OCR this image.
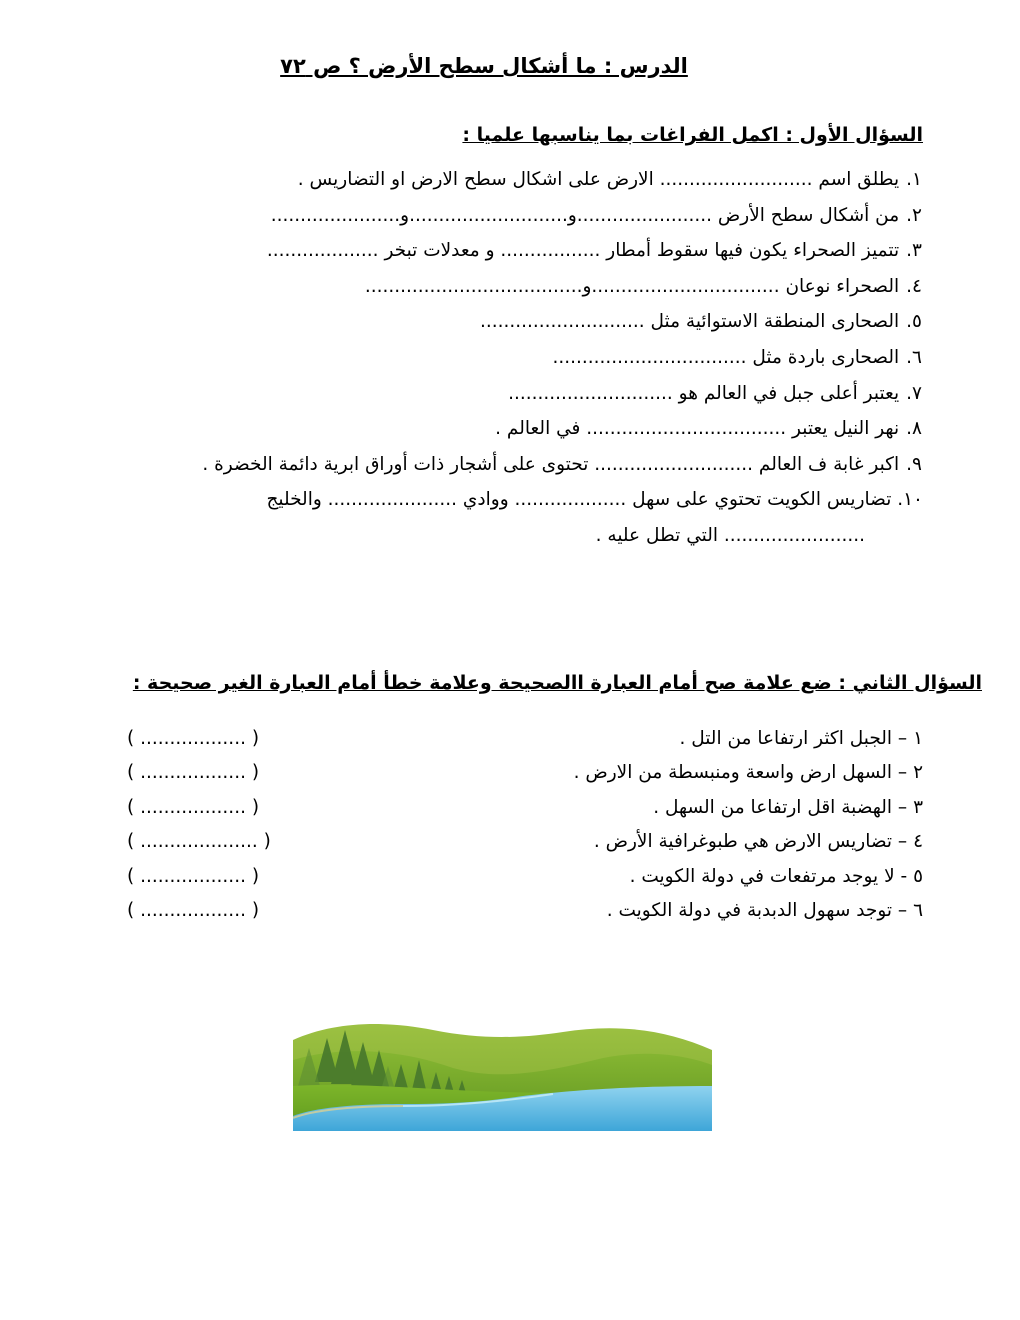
الدرس : ما أشكال سطح الأرض ؟ ص ٧٢
السؤال الأول : اكمل الفراغات بما يناسبها علميا :
١. يطلق اسم .......................... الارض على اشكال سطح الارض او التضاريس .
٢. من أشكال سطح الأرض .......................و...........................و......................
٣. تتميز الصحراء يكون فيها سقوط أمطار ................. و معدلات تبخر ...................
٤. الصحراء نوعان ................................و.....................................
٥. الصحارى المنطقة الاستوائية مثل ............................
٦. الصحارى باردة مثل .................................
٧. يعتبر أعلى جبل في العالم هو ............................
٨. نهر النيل يعتبر .................................. في العالم .
٩. اكبر غابة ف العالم ........................... تحتوى على أشجار ذات أوراق ابرية دائمة الخضرة .
١٠. تضاريس الكويت تحتوي على سهل ................... ووادي ...................... والخليج
........................ التي تطل عليه .
السؤال الثاني : ضع علامة صح أمام العبارة االصحيحة وعلامة خطأ أمام العبارة الغير صحيحة :
١ – الجبل اكثر ارتفاعا من التل .
( .................. )
٢ – السهل ارض واسعة ومنبسطة من الارض .
( .................. )
٣ – الهضبة اقل ارتفاعا من السهل .
( .................. )
٤ – تضاريس الارض هي طبوغرافية الأرض .
( .................... )
٥ - لا يوجد مرتفعات في دولة الكويت .
( .................. )
٦ – توجد سهول الدبدبة في دولة الكويت .
( .................. )
